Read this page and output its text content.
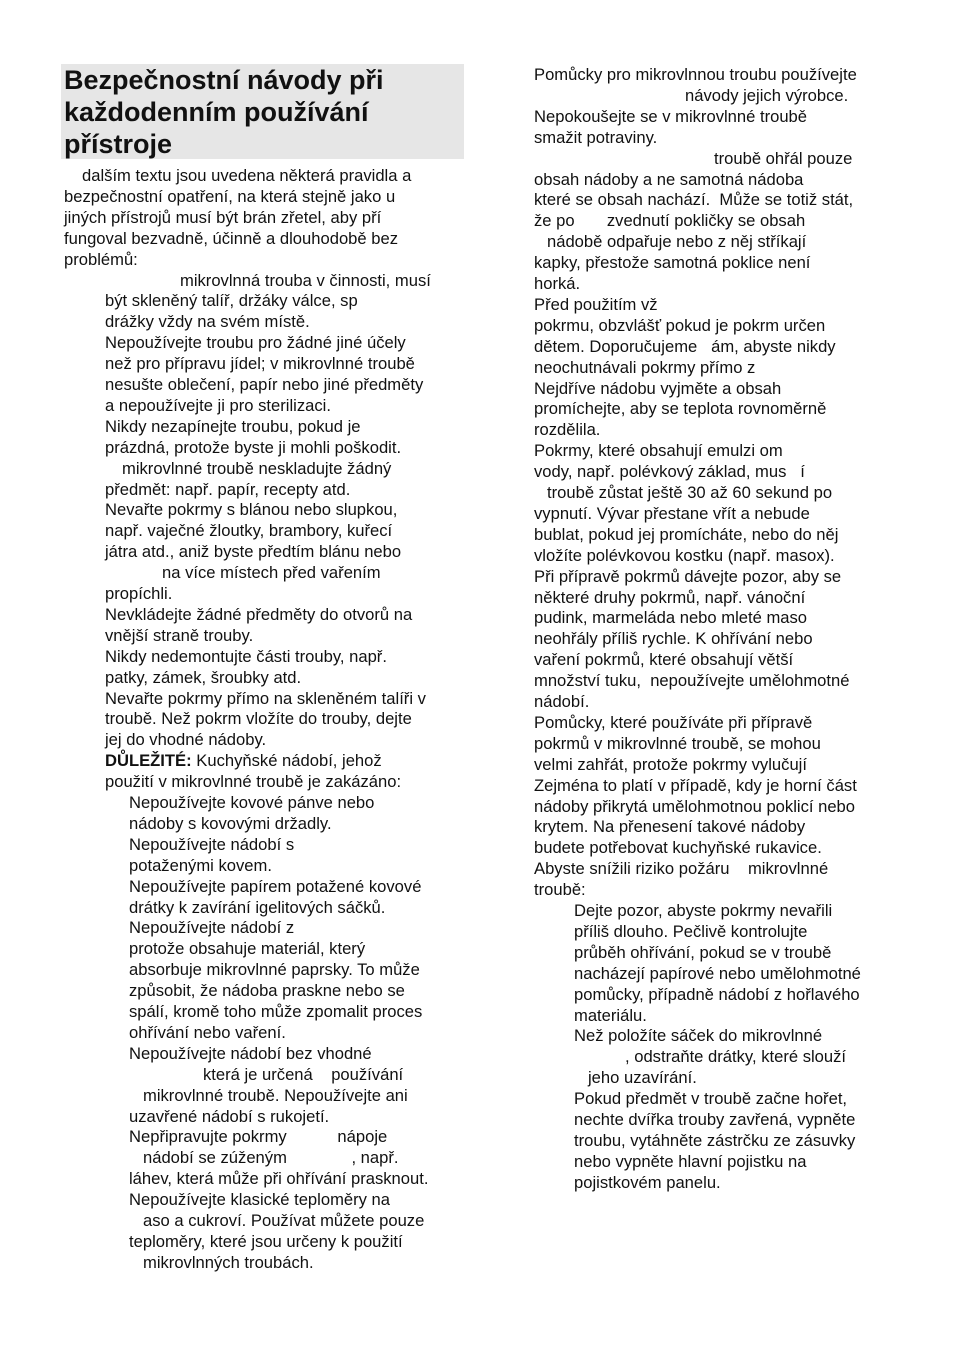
Bezpečnostní návody při
každodenním používání
přístroje
dalším textu jsou uvedena některá pravidla a
bezpečnostní opatření, na která stejně jako u
jiných přístrojů musí být brán zřetel, aby pří
fungoval bezvadně, účinně a dlouhodobě bez
problémů:
mikrovlnná trouba v činnosti, musí
být skleněný talíř, držáky válce, sp
drážky vždy na svém místě.
Nepoužívejte troubu pro žádné jiné účely
než pro přípravu jídel; v mikrovlnné troubě
nesušte oblečení, papír nebo jiné předměty
a nepoužívejte ji pro sterilizaci.
Nikdy nezapínejte troubu, pokud je
prázdná, protože byste ji mohli poškodit.
mikrovlnné troubě neskladujte žádný
předmět: např. papír, recepty atd.
Nevařte pokrmy s blánou nebo slupkou,
např. vaječné žloutky, brambory, kuřecí
játra atd., aniž byste předtím blánu nebo
na více místech před vařením
propíchli.
Nevkládejte žádné předměty do otvorů na
vnější straně trouby.
Nikdy nedemontujte části trouby, např.
patky, zámek, šroubky atd.
Nevařte pokrmy přímo na skleněném talíři v
troubě. Než pokrm vložíte do trouby, dejte
jej do vhodné nádoby.
DŮLEŽITÉ: Kuchyňské nádobí, jehož
použití v mikrovlnné troubě je zakázáno:
Nepoužívejte kovové pánve nebo
nádoby s kovovými držadly.
Nepoužívejte nádobí s
potaženými kovem.
Nepoužívejte papírem potažené kovové
drátky k zavírání igelitových sáčků.
Nepoužívejte nádobí z
protože obsahuje materiál, který
absorbuje mikrovlnné paprsky. To může
způsobit, že nádoba praskne nebo se
spálí, kromě toho může zpomalit proces
ohřívání nebo vaření.
Nepoužívejte nádobí bez vhodné
která je určená    používání
mikrovlnné troubě. Nepoužívejte ani
uzavřené nádobí s rukojetí.
Nepřipravujte pokrmy           nápoje
nádobí se zúženým              , např.
láhev, která může při ohřívání prasknout.
Nepoužívejte klasické teploměry na
aso a cukroví. Používat můžete pouze
teploměry, které jsou určeny k použití
mikrovlnných troubách.
Pomůcky pro mikrovlnnou troubu používejte
návody jejich výrobce.
Nepokoušejte se v mikrovlnné troubě
smažit potraviny.
troubě ohřál pouze
obsah nádoby a ne samotná nádoba
které se obsah nachází.  Může se totiž stát,
že po       zvednutí pokličky se obsah
nádobě odpařuje nebo z něj stříkají
kapky, přestože samotná poklice není
horká.
Před použitím vž
pokrmu, obzvlášť pokud je pokrm určen
dětem. Doporučujeme   ám, abyste nikdy
neochutnávali pokrmy přímo z
Nejdříve nádobu vyjměte a obsah
promíchejte, aby se teplota rovnoměrně
rozdělila.
Pokrmy, které obsahují emulzi om
vody, např. polévkový základ, mus   í
troubě zůstat ještě 30 až 60 sekund po
vypnutí. Vývar přestane vřít a nebude
bublat, pokud jej promícháte, nebo do něj
vložíte polévkovou kostku (např. masox).
Při přípravě pokrmů dávejte pozor, aby se
některé druhy pokrmů, např. vánoční
pudink, marmeláda nebo mleté maso
neohřály příliš rychle. K ohřívání nebo
vaření pokrmů, které obsahují větší
množství tuku,  nepoužívejte umělohmotné
nádobí.
Pomůcky, které používáte při přípravě
pokrmů v mikrovlnné troubě, se mohou
velmi zahřát, protože pokrmy vylučují
Zejména to platí v případě, kdy je horní část
nádoby přikrytá umělohmotnou poklicí nebo
krytem. Na přenesení takové nádoby
budete potřebovat kuchyňské rukavice.
Abyste snížili riziko požáru    mikrovlnné
troubě:
Dejte pozor, abyste pokrmy nevařili
příliš dlouho. Pečlivě kontrolujte
průběh ohřívání, pokud se v troubě
nacházejí papírové nebo umělohmotné
pomůcky, případně nádobí z hořlavého
materiálu.
Než položíte sáček do mikrovlnné
, odstraňte drátky, které slouží
jeho uzavírání.
Pokud předmět v troubě začne hořet,
nechte dvířka trouby zavřená, vypněte
troubu, vytáhněte zástrčku ze zásuvky
nebo vypněte hlavní pojistku na
pojistkovém panelu.
